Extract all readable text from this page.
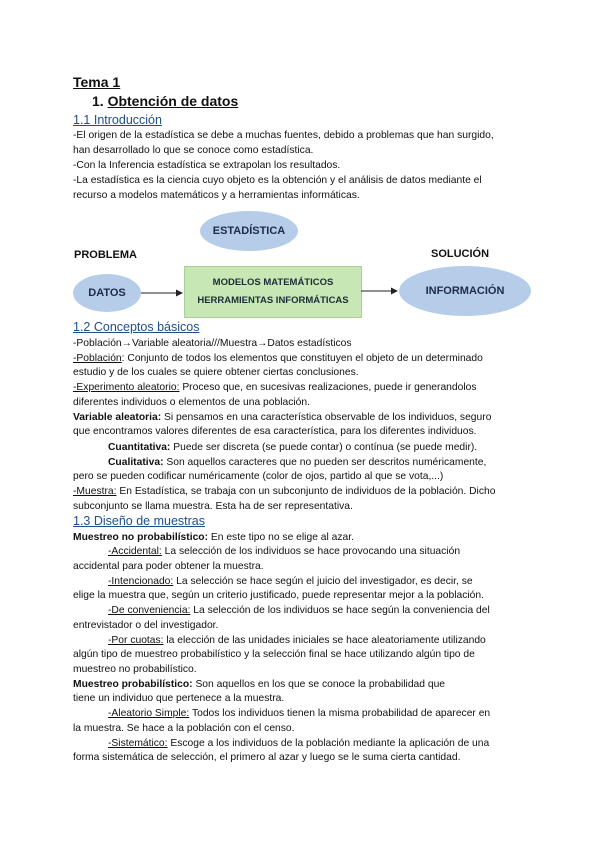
Tema 1
1. Obtención de datos
1.1 Introducción
-El origen de la estadística se debe a muchas fuentes, debido a problemas que han surgido,
han desarrollado lo que se conoce como estadística.
-Con la Inferencia estadística se extrapolan los resultados.
-La estadística es la ciencia cuyo objeto es la obtención y el análisis de datos mediante el
recurso a modelos matemáticos y a herramientas informáticas.
ESTADÍSTICA
PROBLEMA	SOLUCIÓN
DATOS
MODELOS MATEMÁTICOS
HERRAMIENTAS INFORMÁTICAS
INFORMACIÓN
1.2 Conceptos básicos
-Población→Variable aleatoria///Muestra→Datos estadísticos
-Población: Conjunto de todos los elementos que constituyen el objeto de un determinado
estudio y de los cuales se quiere obtener ciertas conclusiones.
-Experimento aleatorio: Proceso que, en sucesivas realizaciones, puede ir generandolos
diferentes individuos o elementos de una población.
Variable aleatoria: Si pensamos en una característica observable de los individuos, seguro
que encontramos valores diferentes de esa característica, para los diferentes individuos.
Cuantitativa: Puede ser discreta (se puede contar) o contínua (se puede medir).
Cualitativa: Son aquellos caracteres que no pueden ser descritos numéricamente,
pero se pueden codificar numéricamente (color de ojos, partido al que se vota,...)
-Muestra: En Estadística, se trabaja con un subconjunto de individuos de la población. Dicho
subconjunto se llama muestra. Esta ha de ser representativa.
1.3 Diseño de muestras
Muestreo no probabilístico: En este tipo no se elige al azar.
-Accidental: La selección de los individuos se hace provocando una situación
accidental para poder obtener la muestra.
-Intencionado: La selección se hace según el juicio del investigador, es decir, se
elige la muestra que, según un criterio justificado, puede representar mejor a la población.
-De conveniencia: La selección de los individuos se hace según la conveniencia del
entrevistador o del investigador.
-Por cuotas: la elección de las unidades iniciales se hace aleatoriamente utilizando
algún tipo de muestreo probabilístico y la selección final se hace utilizando algún tipo de
muestreo no probabilístico.
Muestreo probabilístico: Son aquellos en los que se conoce la probabilidad que
tiene un individuo que pertenece a la muestra.
-Aleatorio Simple: Todos los individuos tienen la misma probabilidad de aparecer en
la muestra. Se hace a la población con el censo.
-Sistemático: Escoge a los individuos de la población mediante la aplicación de una
forma sistemática de selección, el primero al azar y luego se le suma cierta cantidad.
